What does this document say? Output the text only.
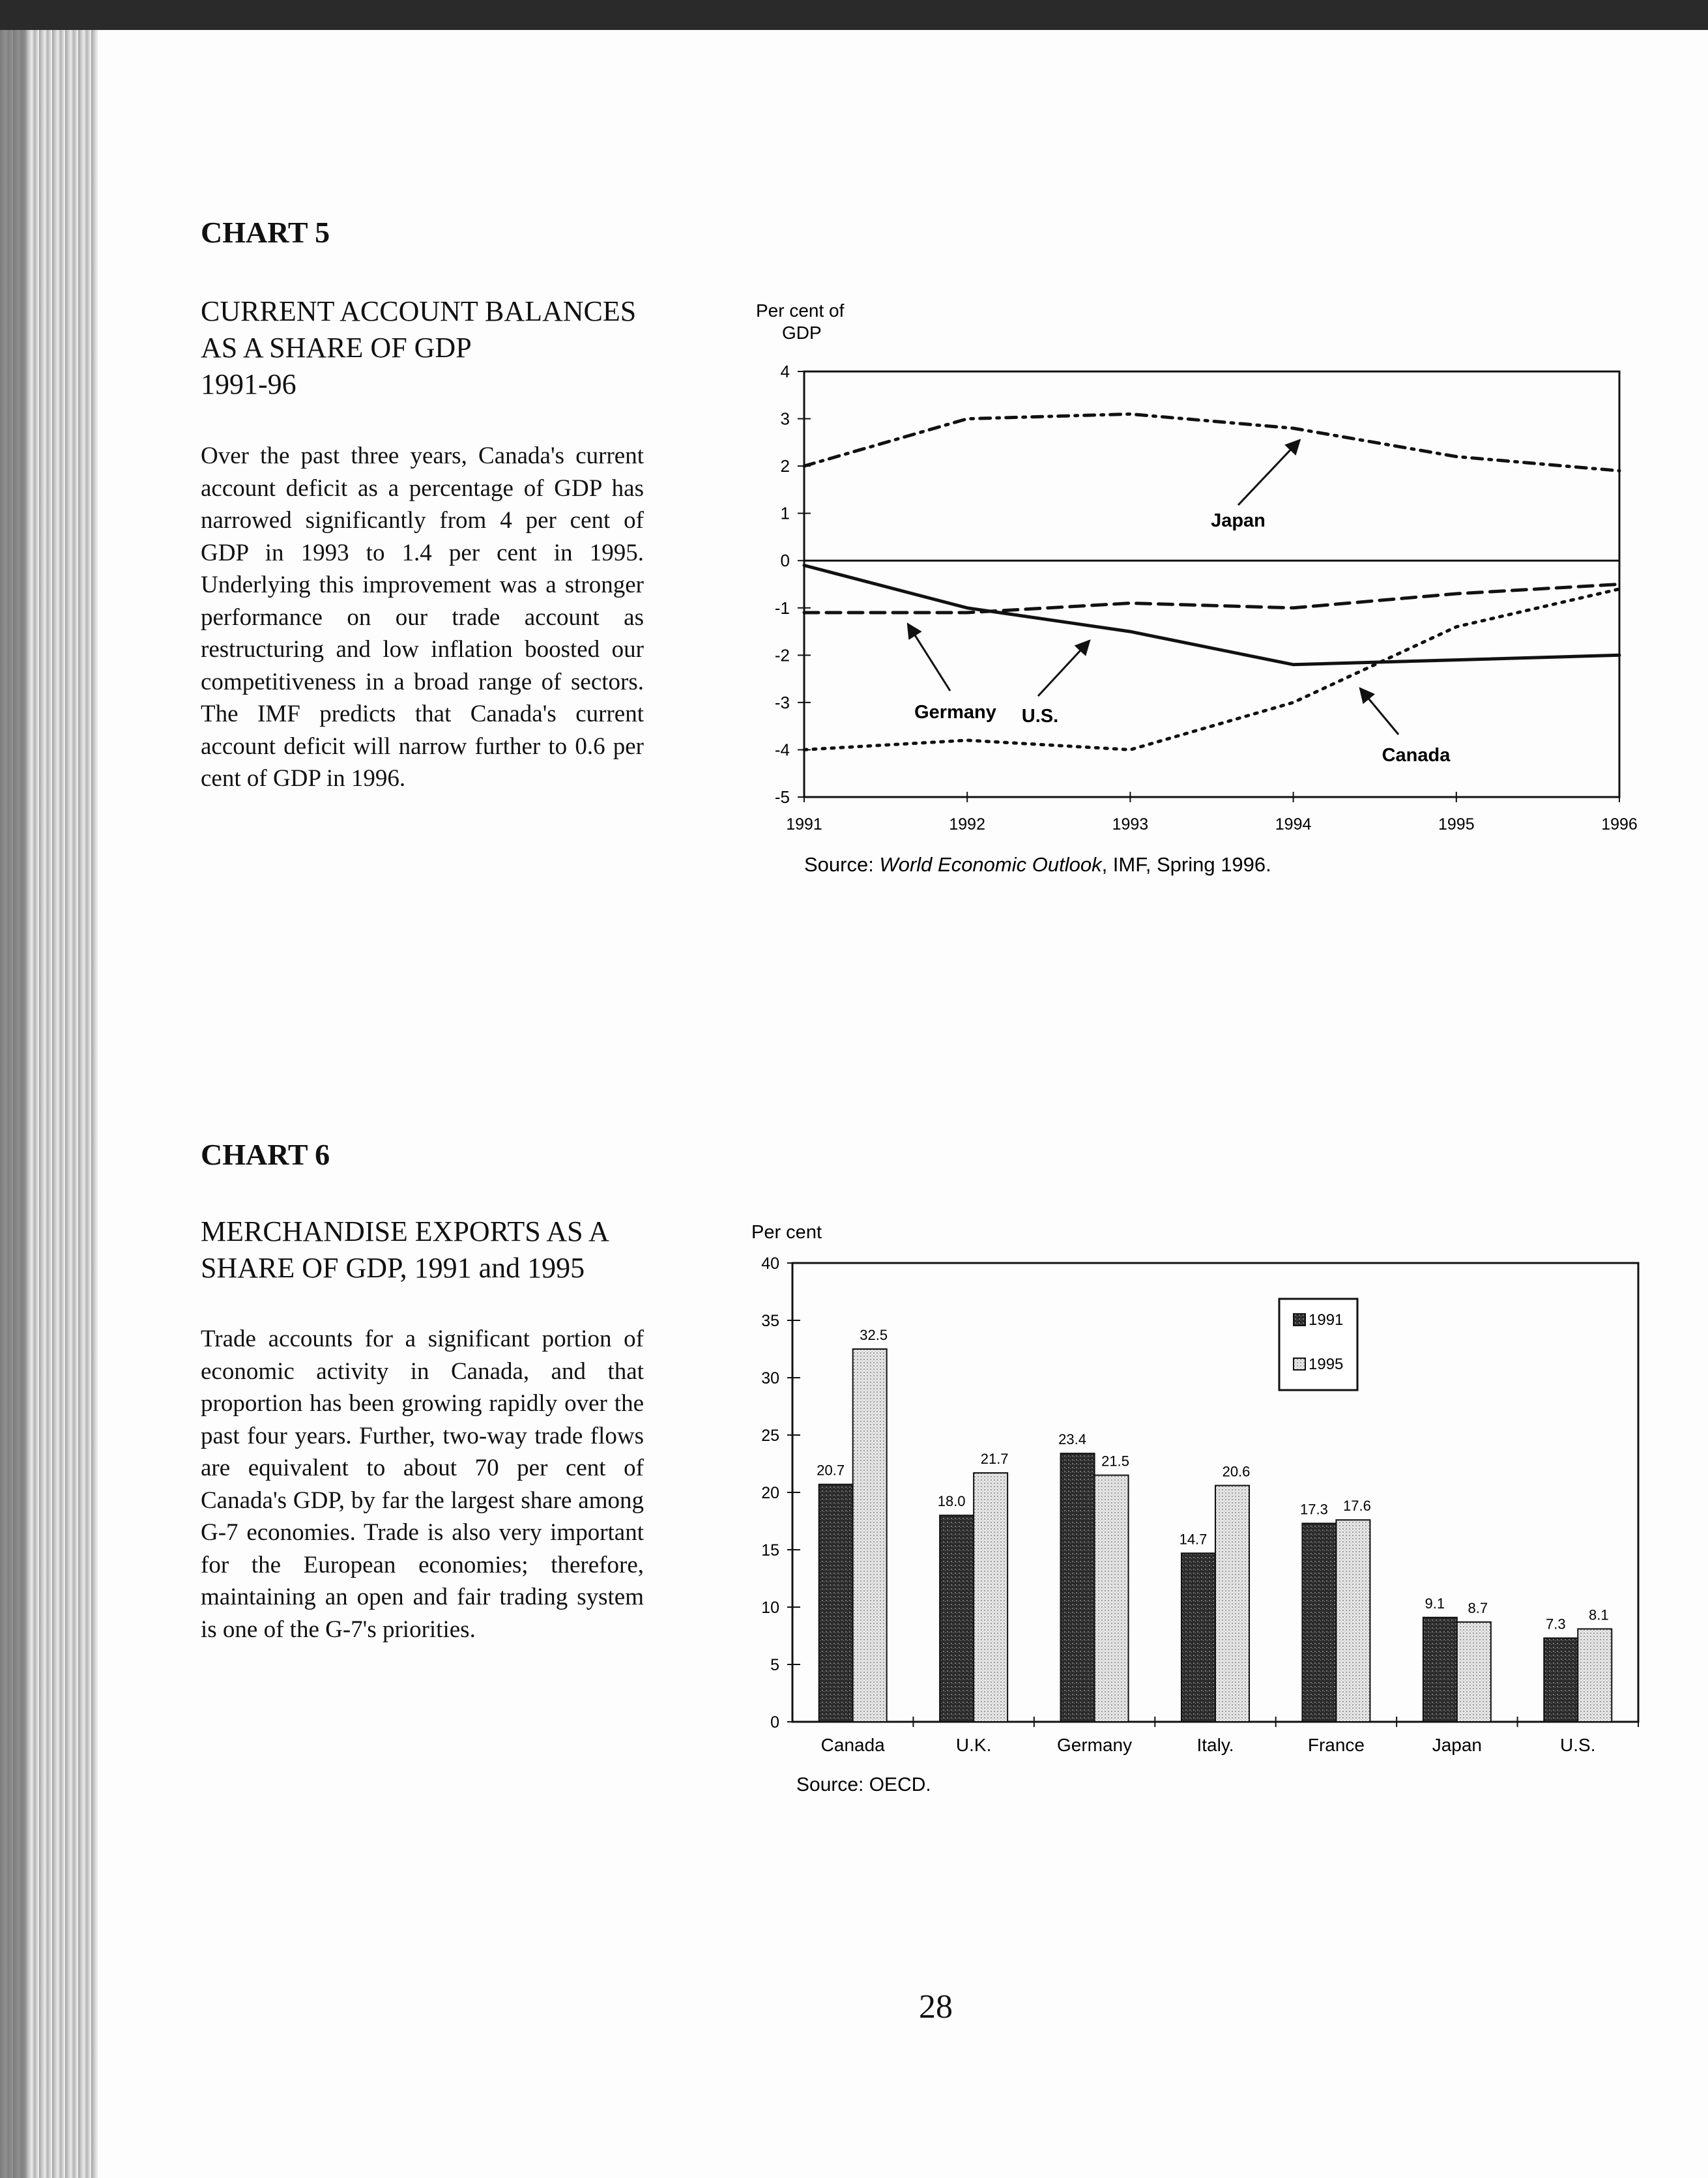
CHART 5
CURRENT ACCOUNT BALANCES
AS A SHARE OF GDP
1991-96
Over the past three years, Canada's current account deficit as a percentage of GDP has narrowed significantly from 4 per cent of GDP in 1993 to 1.4 per cent in 1995. Underlying this improvement was a stronger performance on our trade account as restructuring and low inflation boosted our competitiveness in a broad range of sectors. The IMF predicts that Canada's current account deficit will narrow further to 0.6 per cent of GDP in 1996.
CHART 6
MERCHANDISE EXPORTS AS A
SHARE OF GDP, 1991 and 1995
Trade accounts for a significant portion of economic activity in Canada, and that proportion has been growing rapidly over the past four years. Further, two-way trade flows are equivalent to about 70 per cent of Canada's GDP, by far the largest share among G-7 economies. Trade is also very important for the European economies; therefore, maintaining an open and fair trading system is one of the G-7's priorities.
Per cent of
GDP
4
3
2
1
0
-1
-2
-3
-4
-5
1991	1992	1993	1994	1995	1996
Japan
Germany U.S.
Canada
Source: World Economic Outlook, IMF, Spring 1996.
Per cent
40
35
30
25
20
15
10
5
0
20.7
32.5
18.0
21.7
23.4
21.5
14.7
20.6
17.3 17.6
9.1 8.7
7.3
8.1
Canada	U.K.	Germany	Italy.	France	Japan	U.S.
1991
1995
Source: OECD.
28
